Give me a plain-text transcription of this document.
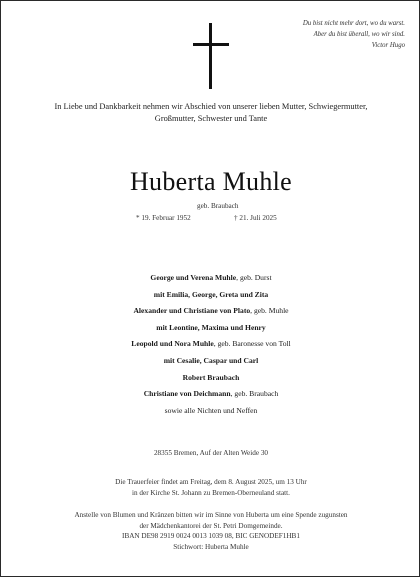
Du bist nicht mehr dort, wo du warst.
Aber du bist überall, wo wir sind.
Victor Hugo
In Liebe und Dankbarkeit nehmen wir Abschied von unserer lieben Mutter, Schwiegermutter,
Großmutter, Schwester und Tante
Huberta Muhle
geb. Braubach
* 19. Februar 1952	† 21. Juli 2025
George und Verena Muhle, geb. Durst
mit Emilia, George, Greta und Zita
Alexander und Christiane von Plato, geb. Muhle
mit Leontine, Maxima und Henry
Leopold und Nora Muhle, geb. Baronesse von Toll
mit Cesalie, Caspar und Carl
Robert Braubach
Christiane von Deichmann, geb. Braubach
sowie alle Nichten und Neffen
28355 Bremen, Auf der Alten Weide 30
Die Trauerfeier findet am Freitag, dem 8. August 2025, um 13 Uhr
in der Kirche St. Johann zu Bremen-Oberneuland statt.
Anstelle von Blumen und Kränzen bitten wir im Sinne von Huberta um eine Spende zugunsten
der Mädchenkantorei der St. Petri Domgemeinde.
IBAN DE98 2919 0024 0013 1039 08, BIC GENODEF1HB1
Stichwort: Huberta Muhle
